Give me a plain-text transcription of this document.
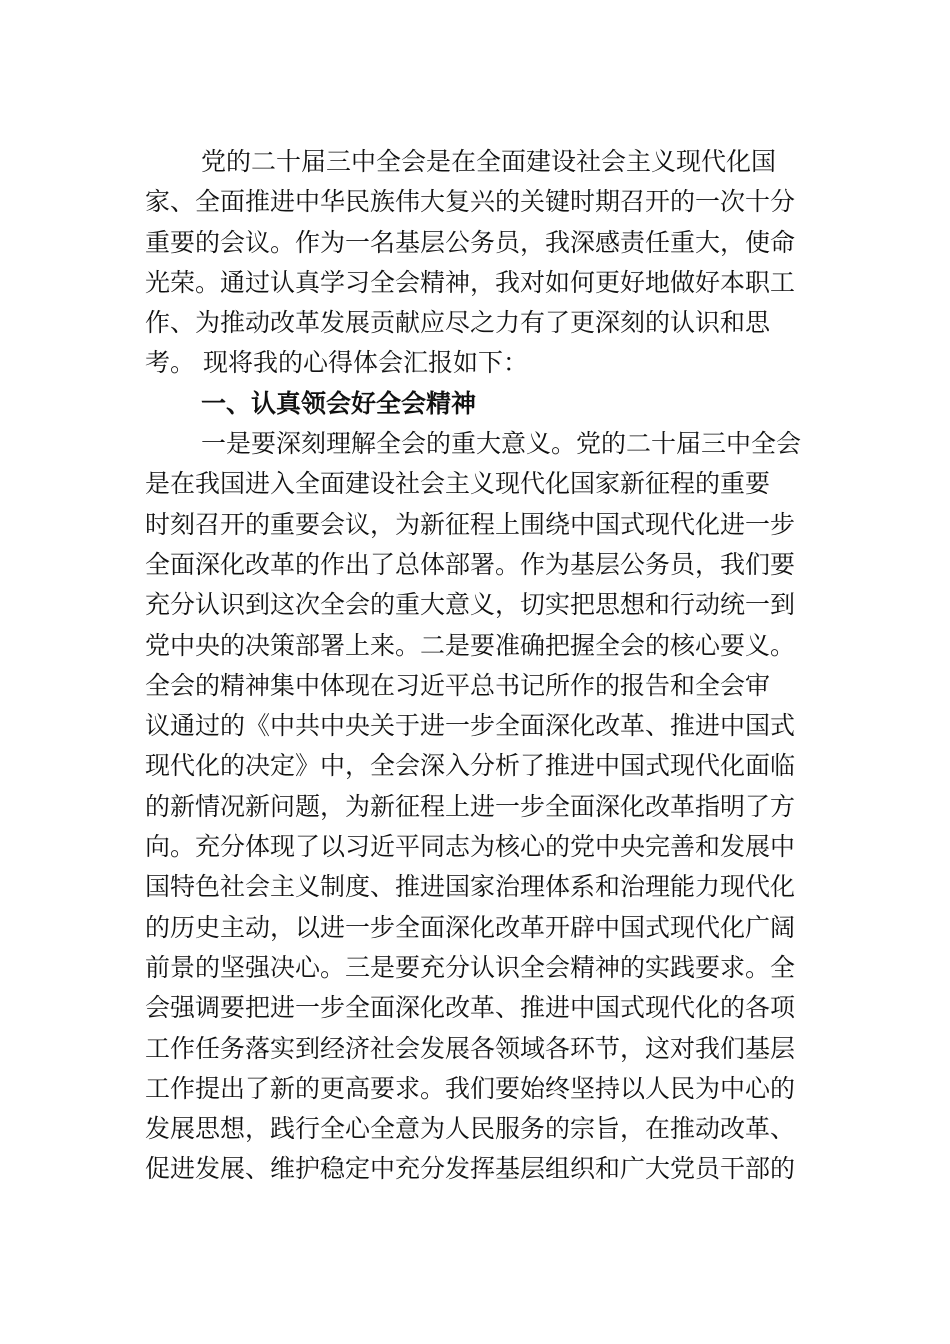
党的二十届三中全会是在全面建设社会主义现代化国
家、全面推进中华民族伟大复兴的关键时期召开的一次十分
重要的会议。作为一名基层公务员，我深感责任重大，使命
光荣。通过认真学习全会精神，我对如何更好地做好本职工
作、为推动改革发展贡献应尽之力有了更深刻的认识和思
考。 现将我的心得体会汇报如下：
一、认真领会好全会精神
一是要深刻理解全会的重大意义。党的二十届三中全会
是在我国进入全面建设社会主义现代化国家新征程的重要
时刻召开的重要会议，为新征程上围绕中国式现代化进一步
全面深化改革的作出了总体部署。作为基层公务员，我们要
充分认识到这次全会的重大意义，切实把思想和行动统一到
党中央的决策部署上来。二是要准确把握全会的核心要义。
全会的精神集中体现在习近平总书记所作的报告和全会审
议通过的《中共中央关于进一步全面深化改革、推进中国式
现代化的决定》中，全会深入分析了推进中国式现代化面临
的新情况新问题，为新征程上进一步全面深化改革指明了方
向。充分体现了以习近平同志为核心的党中央完善和发展中
国特色社会主义制度、推进国家治理体系和治理能力现代化
的历史主动，以进一步全面深化改革开辟中国式现代化广阔
前景的坚强决心。三是要充分认识全会精神的实践要求。全
会强调要把进一步全面深化改革、推进中国式现代化的各项
工作任务落实到经济社会发展各领域各环节，这对我们基层
工作提出了新的更高要求。我们要始终坚持以人民为中心的
发展思想，践行全心全意为人民服务的宗旨，在推动改革、
促进发展、维护稳定中充分发挥基层组织和广大党员干部的
